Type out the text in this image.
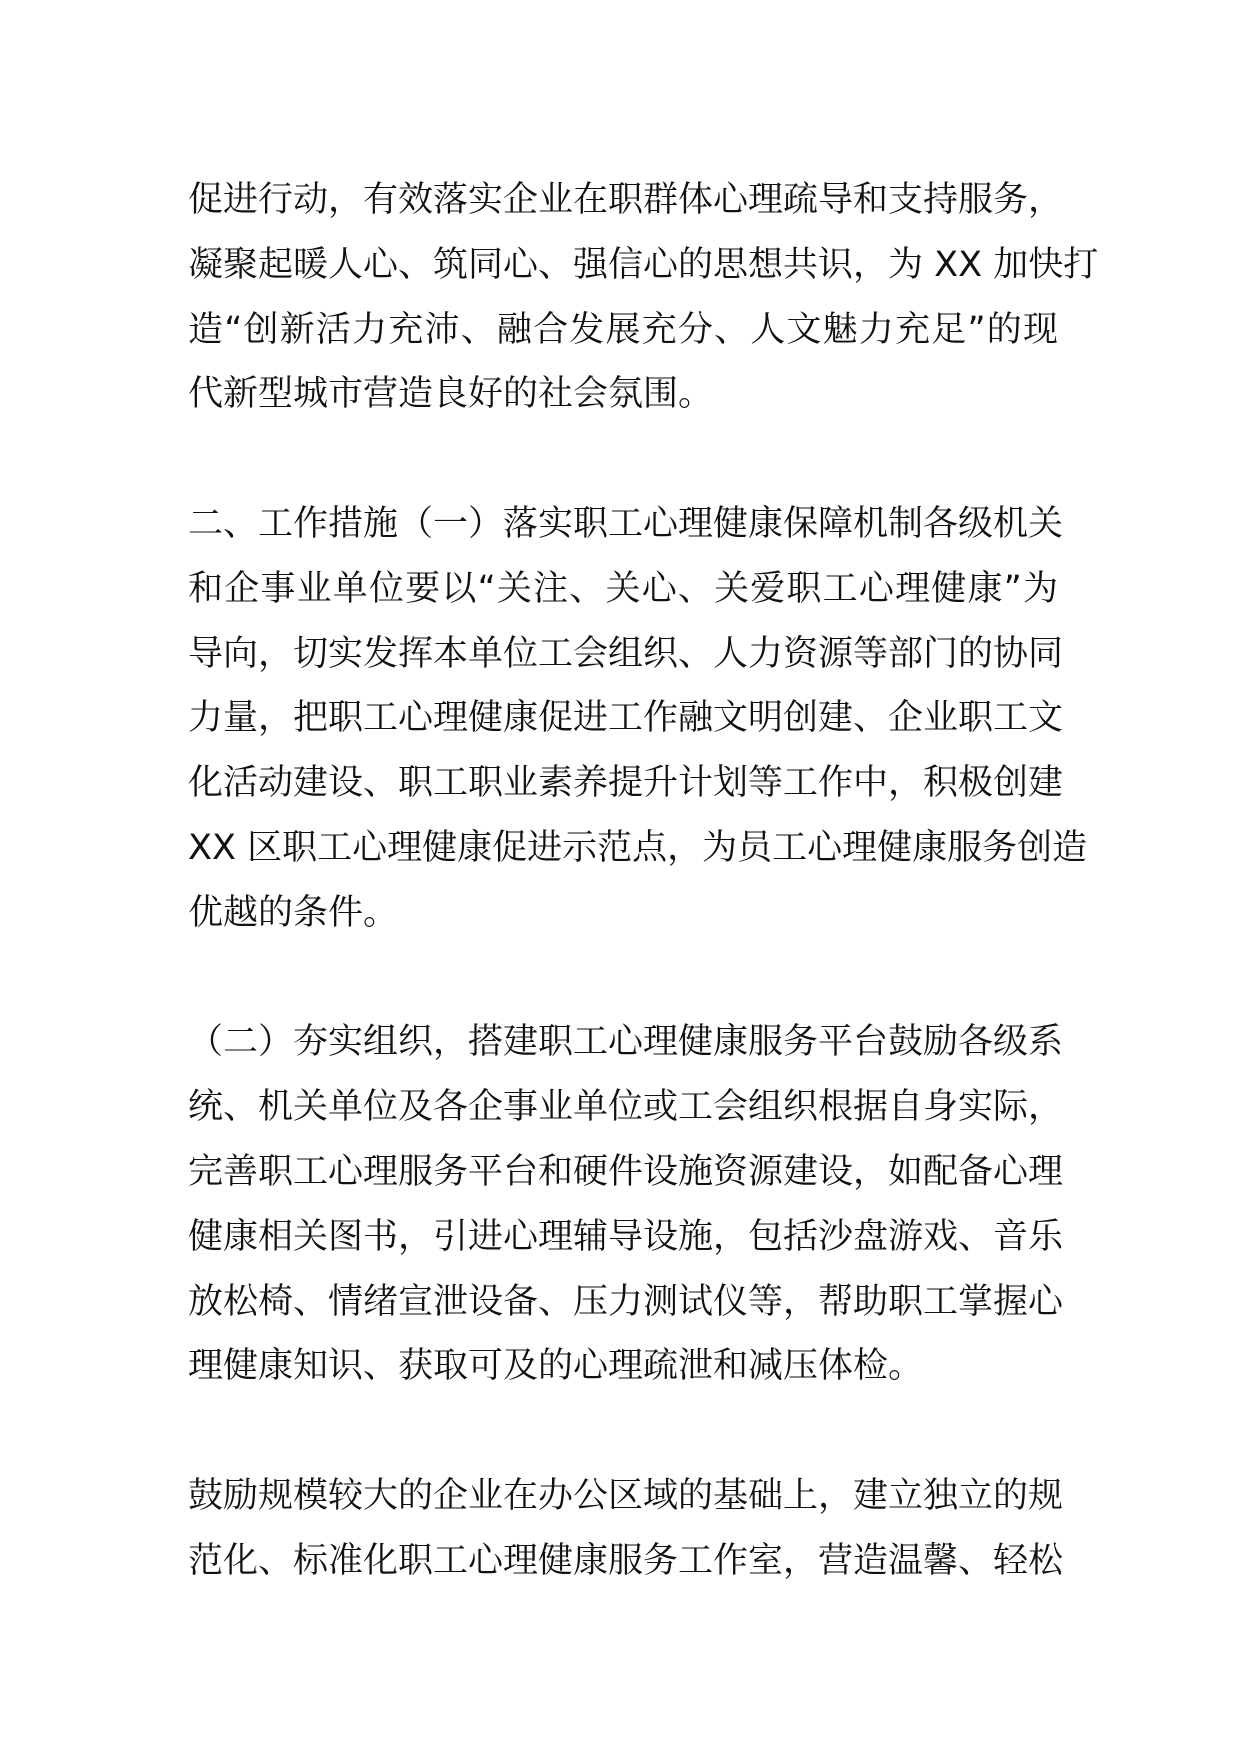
促进行动，有效落实企业在职群体心理疏导和支持服务，
凝聚起暖人心、筑同心、强信心的思想共识，为 XX 加快打
造“创新活力充沛、融合发展充分、人文魅力充足”的现
代新型城市营造良好的社会氛围。

二、工作措施（一）落实职工心理健康保障机制各级机关
和企事业单位要以“关注、关心、关爱职工心理健康”为
导向，切实发挥本单位工会组织、人力资源等部门的协同
力量，把职工心理健康促进工作融文明创建、企业职工文
化活动建设、职工职业素养提升计划等工作中，积极创建
XX 区职工心理健康促进示范点，为员工心理健康服务创造
优越的条件。

（二）夯实组织，搭建职工心理健康服务平台鼓励各级系
统、机关单位及各企事业单位或工会组织根据自身实际，
完善职工心理服务平台和硬件设施资源建设，如配备心理
健康相关图书，引进心理辅导设施，包括沙盘游戏、音乐
放松椅、情绪宣泄设备、压力测试仪等，帮助职工掌握心
理健康知识、获取可及的心理疏泄和减压体检。

鼓励规模较大的企业在办公区域的基础上，建立独立的规
范化、标准化职工心理健康服务工作室，营造温馨、轻松
